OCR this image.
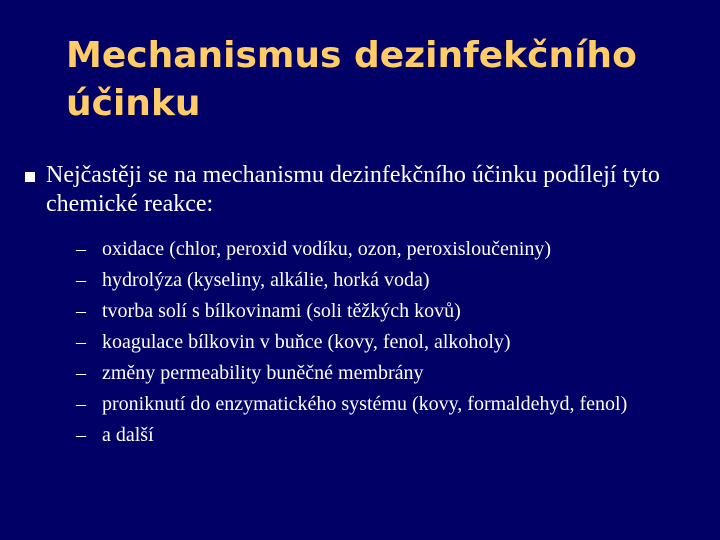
Mechanismus dezinfekčního účinku
Nejčastěji se na mechanismu dezinfekčního účinku podílejí tyto chemické reakce:
– oxidace (chlor, peroxid vodíku, ozon, peroxisloučeniny)
– hydrolýza (kyseliny, alkálie, horká voda)
– tvorba solí s bílkovinami (soli těžkých kovů)
– koagulace bílkovin v buňce (kovy, fenol, alkoholy)
– změny permeability buněčné membrány
– proniknutí do enzymatického systému (kovy, formaldehyd, fenol)
– a další
